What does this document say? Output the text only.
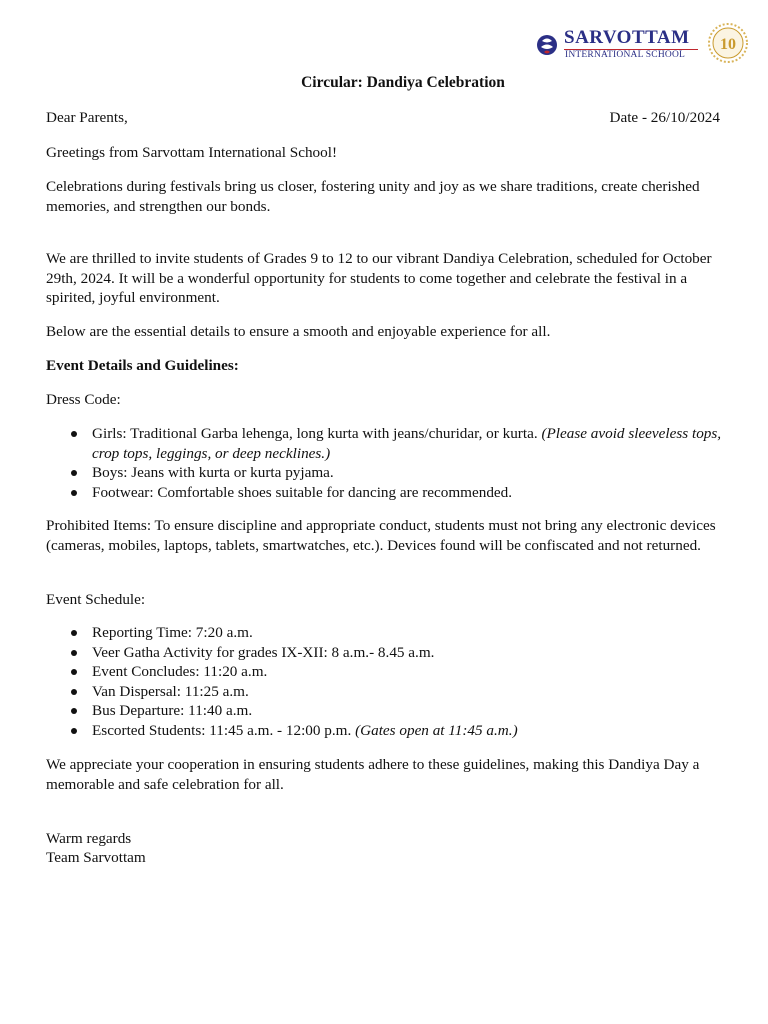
SARVOTTAM
INTERNATIONAL SCHOOL
10
Circular: Dandiya Celebration
Dear Parents,	Date - 26/10/2024
Greetings from Sarvottam International School!
Celebrations during festivals bring us closer, fostering unity and joy as we share traditions, create cherished memories, and strengthen our bonds.
We are thrilled to invite students of Grades 9 to 12 to our vibrant Dandiya Celebration, scheduled for October 29th, 2024. It will be a wonderful opportunity for students to come together and celebrate the festival in a spirited, joyful environment.
Below are the essential details to ensure a smooth and enjoyable experience for all.
Event Details and Guidelines:
Dress Code:
Girls: Traditional Garba lehenga, long kurta with jeans/churidar, or kurta. (Please avoid sleeveless tops, crop tops, leggings, or deep necklines.)
Boys: Jeans with kurta or kurta pyjama.
Footwear: Comfortable shoes suitable for dancing are recommended.
Prohibited Items: To ensure discipline and appropriate conduct, students must not bring any electronic devices (cameras, mobiles, laptops, tablets, smartwatches, etc.). Devices found will be confiscated and not returned.
Event Schedule:
Reporting Time: 7:20 a.m.
Veer Gatha Activity for grades IX-XII: 8 a.m.- 8.45 a.m.
Event Concludes: 11:20 a.m.
Van Dispersal: 11:25 a.m.
Bus Departure: 11:40 a.m.
Escorted Students: 11:45 a.m. - 12:00 p.m. (Gates open at 11:45 a.m.)
We appreciate your cooperation in ensuring students adhere to these guidelines, making this Dandiya Day a memorable and safe celebration for all.
Warm regards
Team Sarvottam
